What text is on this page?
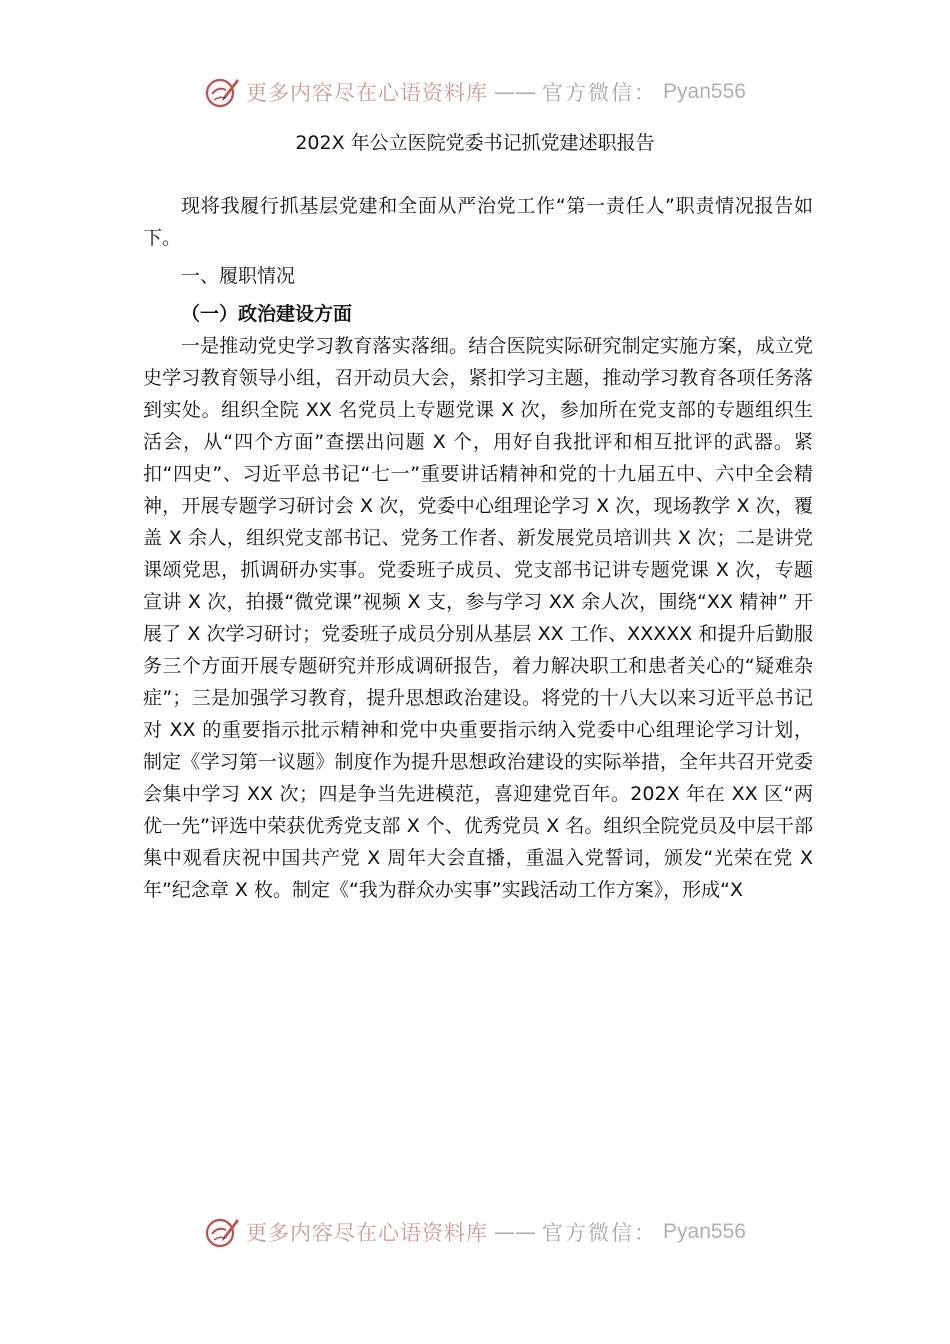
更多内容尽在心语资料库 —— 官方微信： Pyan556
202X 年公立医院党委书记抓党建述职报告

现将我履行抓基层党建和全面从严治党工作“第一责任人”职责情况报告如下。

一、履职情况

（一）政治建设方面

一是推动党史学习教育落实落细。结合医院实际研究制定实施方案，成立党史学习教育领导小组，召开动员大会，紧扣学习主题，推动学习教育各项任务落到实处。组织全院 XX 名党员上专题党课 X 次，参加所在党支部的专题组织生活会，从“四个方面”查摆出问题 X 个，用好自我批评和相互批评的武器。紧扣“四史”、习近平总书记“七一”重要讲话精神和党的十九届五中、六中全会精神，开展专题学习研讨会 X 次，党委中心组理论学习 X 次，现场教学 X 次，覆盖 X 余人，组织党支部书记、党务工作者、新发展党员培训共 X 次；二是讲党课颂党思，抓调研办实事。党委班子成员、党支部书记讲专题党课 X 次，专题宣讲 X 次，拍摄“微党课”视频 X 支，参与学习 XX 余人次，围绕“XX 精神” 开展了 X 次学习研讨；党委班子成员分别从基层 XX 工作、XXXXX 和提升后勤服务三个方面开展专题研究并形成调研报告，着力解决职工和患者关心的“疑难杂症”；三是加强学习教育，提升思想政治建设。将党的十八大以来习近平总书记对 XX 的重要指示批示精神和党中央重要指示纳入党委中心组理论学习计划， 制定《学习第一议题》制度作为提升思想政治建设的实际举措，全年共召开党委会集中学习 XX 次；四是争当先进模范，喜迎建党百年。202X 年在 XX 区“两优一先”评选中荣获优秀党支部 X 个、优秀党员 X 名。组织全院党员及中层干部集中观看庆祝中国共产党 X 周年大会直播，重温入党誓词，颁发“光荣在党 X 年”纪念章 X 枚。制定《“我为群众办实事”实践活动工作方案》，形成“X

更多内容尽在心语资料库 —— 官方微信： Pyan556
